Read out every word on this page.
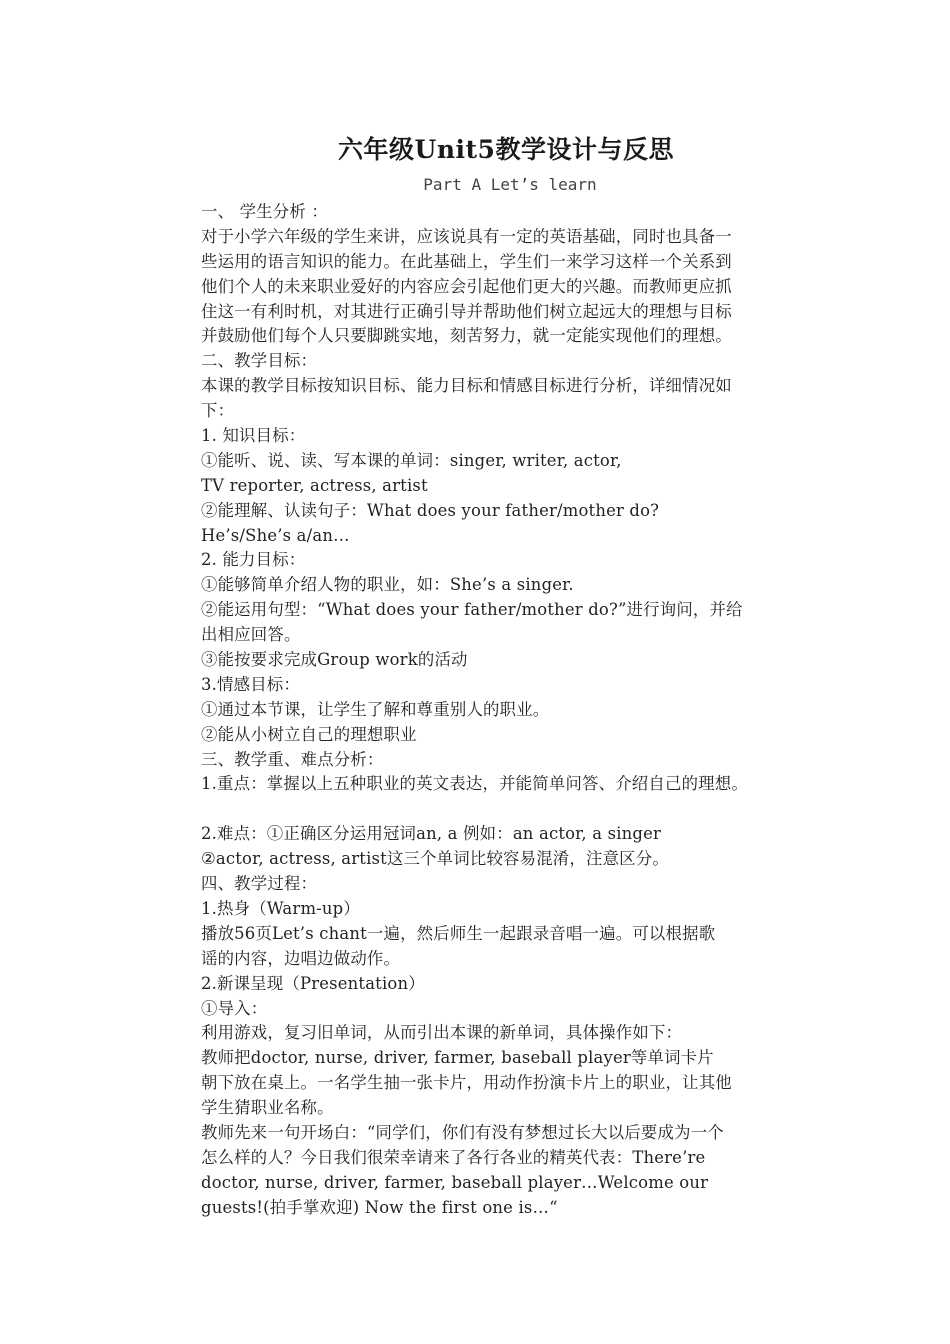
六年级Unit5教学设计与反思

Part A Let’s learn

一、 学生分析 ：

对于小学六年级的学生来讲，应该说具有一定的英语基础，同时也具备一

些运用的语言知识的能力。在此基础上，学生们一来学习这样一个关系到

他们个人的未来职业爱好的内容应会引起他们更大的兴趣。而教师更应抓

住这一有利时机，对其进行正确引导并帮助他们树立起远大的理想与目标

并鼓励他们每个人只要脚跳实地，刻苦努力，就一定能实现他们的理想。

二、教学目标：

本课的教学目标按知识目标、能力目标和情感目标进行分析，详细情况如

下：

1. 知识目标：

①能听、说、读、写本课的单词：singer, writer, actor,

TV reporter, actress, artist

②能理解、认读句子：What does your father/mother do?

He’s/She’s a/an…

2. 能力目标：

①能够简单介绍人物的职业，如：She’s a singer.

②能运用句型：“What does your father/mother do?”进行询问，并给

出相应回答。

③能按要求完成Group work的活动

3.情感目标：

①通过本节课，让学生了解和尊重别人的职业。

②能从小树立自己的理想职业

三、教学重、难点分析：

1.重点：掌握以上五种职业的英文表达，并能简单问答、介绍自己的理想。

2.难点：①正确区分运用冠词an, a 例如：an actor, a singer

②actor, actress, artist这三个单词比较容易混淆，注意区分。

四、教学过程：

1.热身（Warm-up）

播放56页Let’s chant一遍，然后师生一起跟录音唱一遍。可以根据歌

谣的内容，边唱边做动作。

2.新课呈现（Presentation）

①导入：

利用游戏，复习旧单词，从而引出本课的新单词，具体操作如下：

教师把doctor, nurse, driver, farmer, baseball player等单词卡片

朝下放在桌上。一名学生抽一张卡片，用动作扮演卡片上的职业，让其他

学生猜职业名称。

教师先来一句开场白：“同学们，你们有没有梦想过长大以后要成为一个

怎么样的人？今日我们很荣幸请来了各行各业的精英代表：There’re

doctor, nurse, driver, farmer, baseball player…Welcome our

guests!(拍手掌欢迎) Now the first one is…“
